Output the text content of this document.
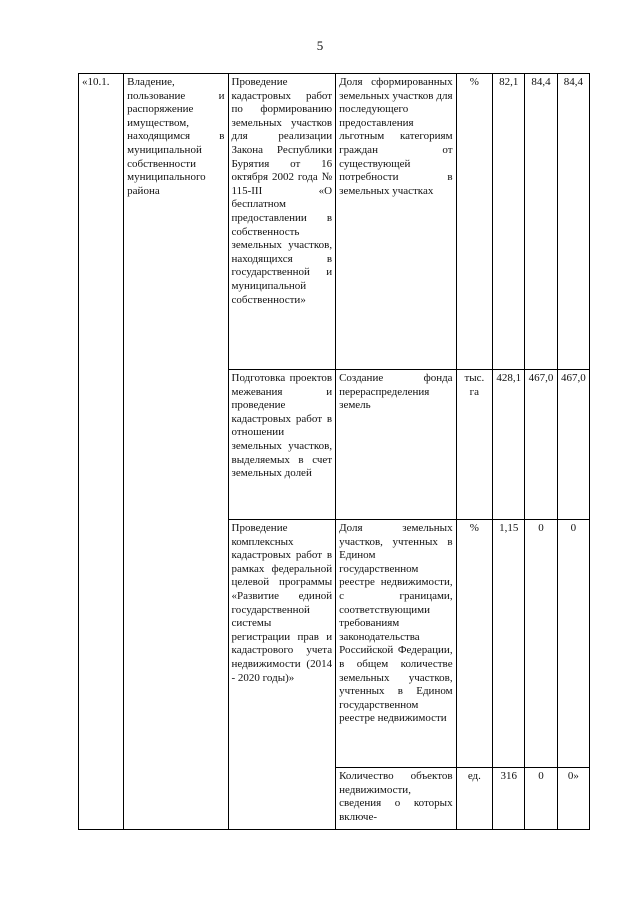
5
«10.1.	Владение, пользование и распоряжение имуществом, находящимся в муниципальной собственности муниципального района	Проведение кадастровых работ по формированию земельных участков для реализации Закона Республики Бурятия от 16 октября 2002 года № 115-III «О бесплатном предоставлении в собственность земельных участков, находящихся в государственной и муниципальной собственности»	Доля сформированных земельных участков для последующего предоставления льготным категориям граждан от существующей потребности в земельных участках	%	82,1	84,4	84,4
		Подготовка проектов межевания и проведение кадастровых работ в отношении земельных участков, выделяемых в счет земельных долей	Создание фонда перераспределения земель	тыс. га	428,1	467,0	467,0
		Проведение комплексных кадастровых работ в рамках федеральной целевой программы «Развитие единой государственной системы регистрации прав и кадастрового учета недвижимости (2014 - 2020 годы)»	Доля земельных участков, учтенных в Едином государственном реестре недвижимости, с границами, соответствующими требованиям законодательства Российской Федерации, в общем количестве земельных участков, учтенных в Едином государственном реестре недвижимости	%	1,15	0	0
			Количество объектов недвижимости, сведения о которых включе-	ед.	316	0	0»
